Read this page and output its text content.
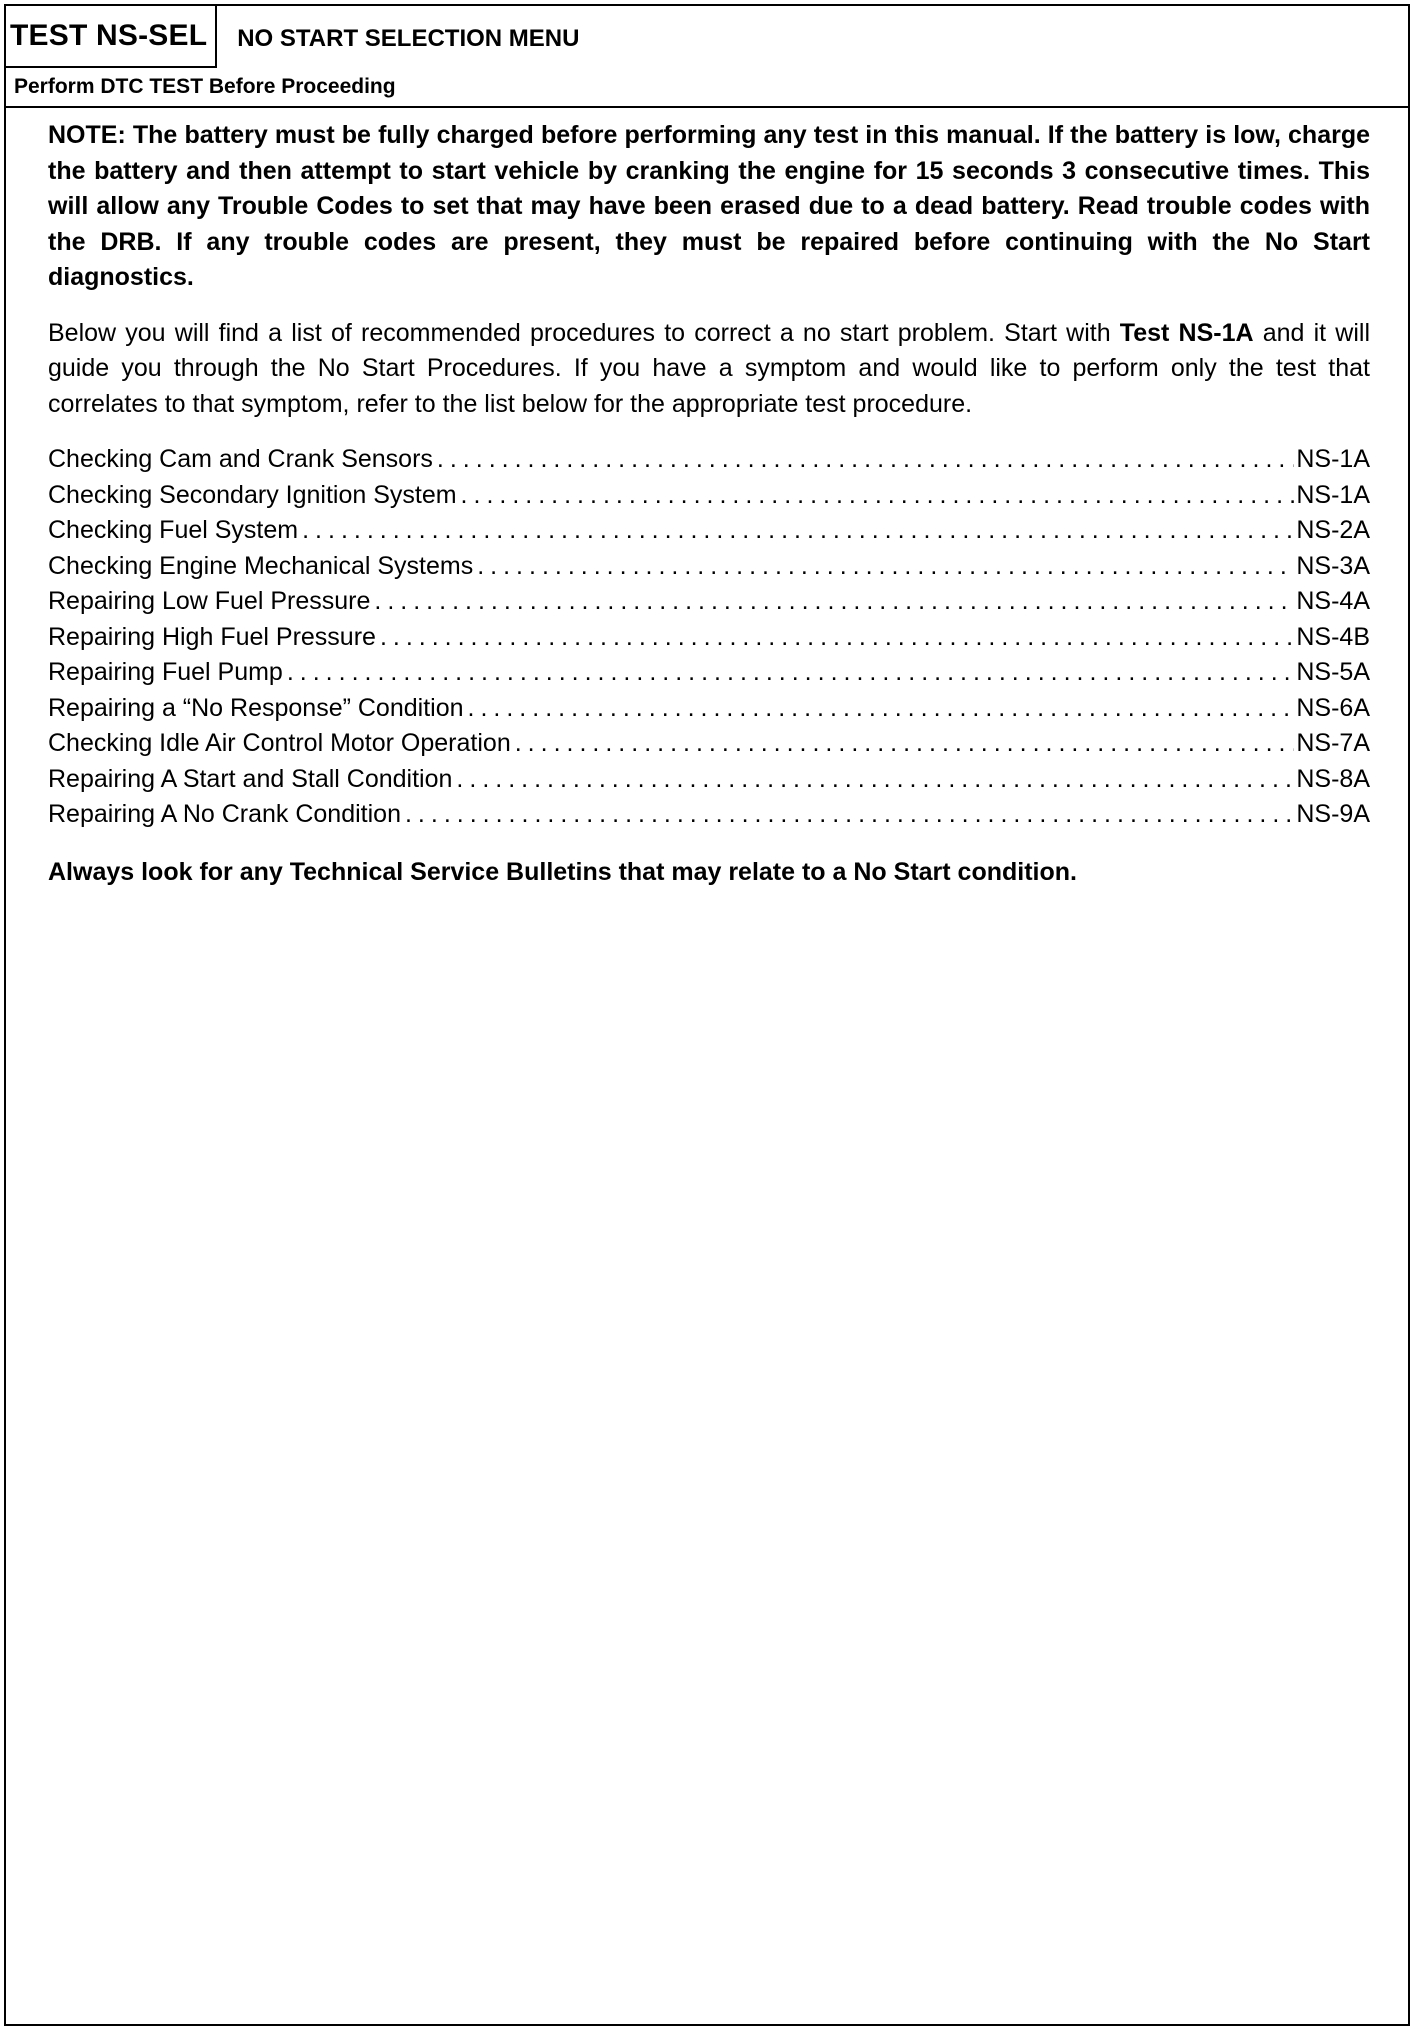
TEST NS-SEL	NO START SELECTION MENU
Perform DTC TEST Before Proceeding

NOTE: The battery must be fully charged before performing any test in this manual. If the battery is low, charge the battery and then attempt to start vehicle by cranking the engine for 15 seconds 3 consecutive times. This will allow any Trouble Codes to set that may have been erased due to a dead battery. Read trouble codes with the DRB. If any trouble codes are present, they must be repaired before continuing with the No Start diagnostics.

Below you will find a list of recommended procedures to correct a no start problem. Start with Test NS-1A and it will guide you through the No Start Procedures. If you have a symptom and would like to perform only the test that correlates to that symptom, refer to the list below for the appropriate test procedure.

Checking Cam and Crank Sensors .....	NS-1A
Checking Secondary Ignition System .....	NS-1A
Checking Fuel System .....	NS-2A
Checking Engine Mechanical Systems .....	NS-3A
Repairing Low Fuel Pressure .....	NS-4A
Repairing High Fuel Pressure .....	NS-4B
Repairing Fuel Pump .....	NS-5A
Repairing a “No Response” Condition .....	NS-6A
Checking Idle Air Control Motor Operation .....	NS-7A
Repairing A Start and Stall Condition .....	NS-8A
Repairing A No Crank Condition .....	NS-9A

Always look for any Technical Service Bulletins that may relate to a No Start condition.
